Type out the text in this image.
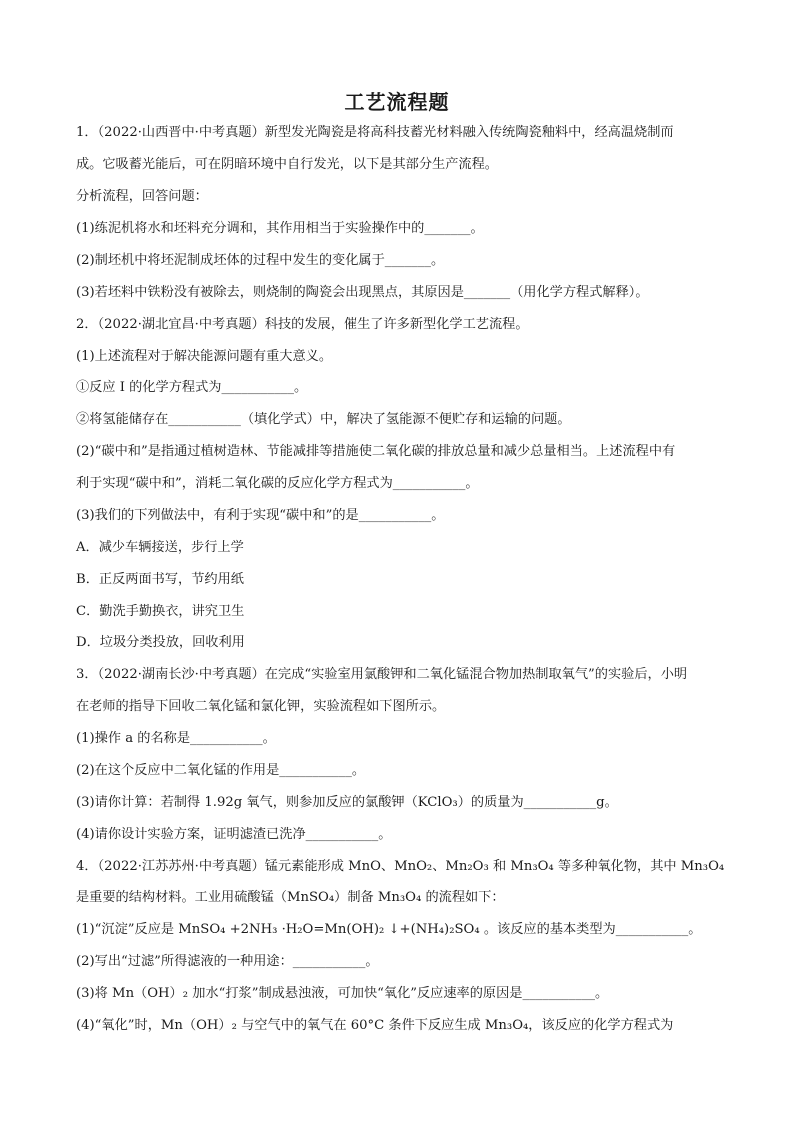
工艺流程题
1．（2022·山西晋中·中考真题）新型发光陶瓷是将高科技蓄光材料融入传统陶瓷釉料中，经高温烧制而
成。它吸蓄光能后，可在阴暗环境中自行发光，以下是其部分生产流程。
分析流程，回答问题：
(1)练泥机将水和坯料充分调和，其作用相当于实验操作中的_______。
(2)制坯机中将坯泥制成坯体的过程中发生的变化属于_______。
(3)若坯料中铁粉没有被除去，则烧制的陶瓷会出现黑点，其原因是_______（用化学方程式解释）。
2．（2022·湖北宜昌·中考真题）科技的发展，催生了许多新型化学工艺流程。
(1)上述流程对于解决能源问题有重大意义。
①反应 I 的化学方程式为___________。
②将氢能储存在___________（填化学式）中，解决了氢能源不便贮存和运输的问题。
(2)“碳中和”是指通过植树造林、节能减排等措施使二氧化碳的排放总量和减少总量相当。上述流程中有
利于实现“碳中和”，消耗二氧化碳的反应化学方程式为___________。
(3)我们的下列做法中，有利于实现“碳中和”的是___________。
A．减少车辆接送，步行上学
B．正反两面书写，节约用纸
C．勤洗手勤换衣，讲究卫生
D．垃圾分类投放，回收利用
3．（2022·湖南长沙·中考真题）在完成“实验室用氯酸钾和二氧化锰混合物加热制取氧气”的实验后，小明
在老师的指导下回收二氧化锰和氯化钾，实验流程如下图所示。
(1)操作 a 的名称是___________。
(2)在这个反应中二氧化锰的作用是___________。
(3)请你计算：若制得 1.92g 氧气，则参加反应的氯酸钾（KClO₃）的质量为___________g。
(4)请你设计实验方案，证明滤渣已洗净___________。
4．（2022·江苏苏州·中考真题）锰元素能形成 MnO、MnO₂、Mn₂O₃ 和 Mn₃O₄ 等多种氧化物，其中 Mn₃O₄
是重要的结构材料。工业用硫酸锰（MnSO₄）制备 Mn₃O₄ 的流程如下：
(1)“沉淀”反应是 MnSO₄ +2NH₃ ·H₂O=Mn(OH)₂ ↓+(NH₄)₂SO₄ 。该反应的基本类型为___________。
(2)写出“过滤”所得滤液的一种用途：___________。
(3)将 Mn（OH）₂ 加水“打浆”制成悬浊液，可加快“氧化”反应速率的原因是___________。
(4)“氧化”时，Mn（OH）₂ 与空气中的氧气在 60°C 条件下反应生成 Mn₃O₄，该反应的化学方程式为
